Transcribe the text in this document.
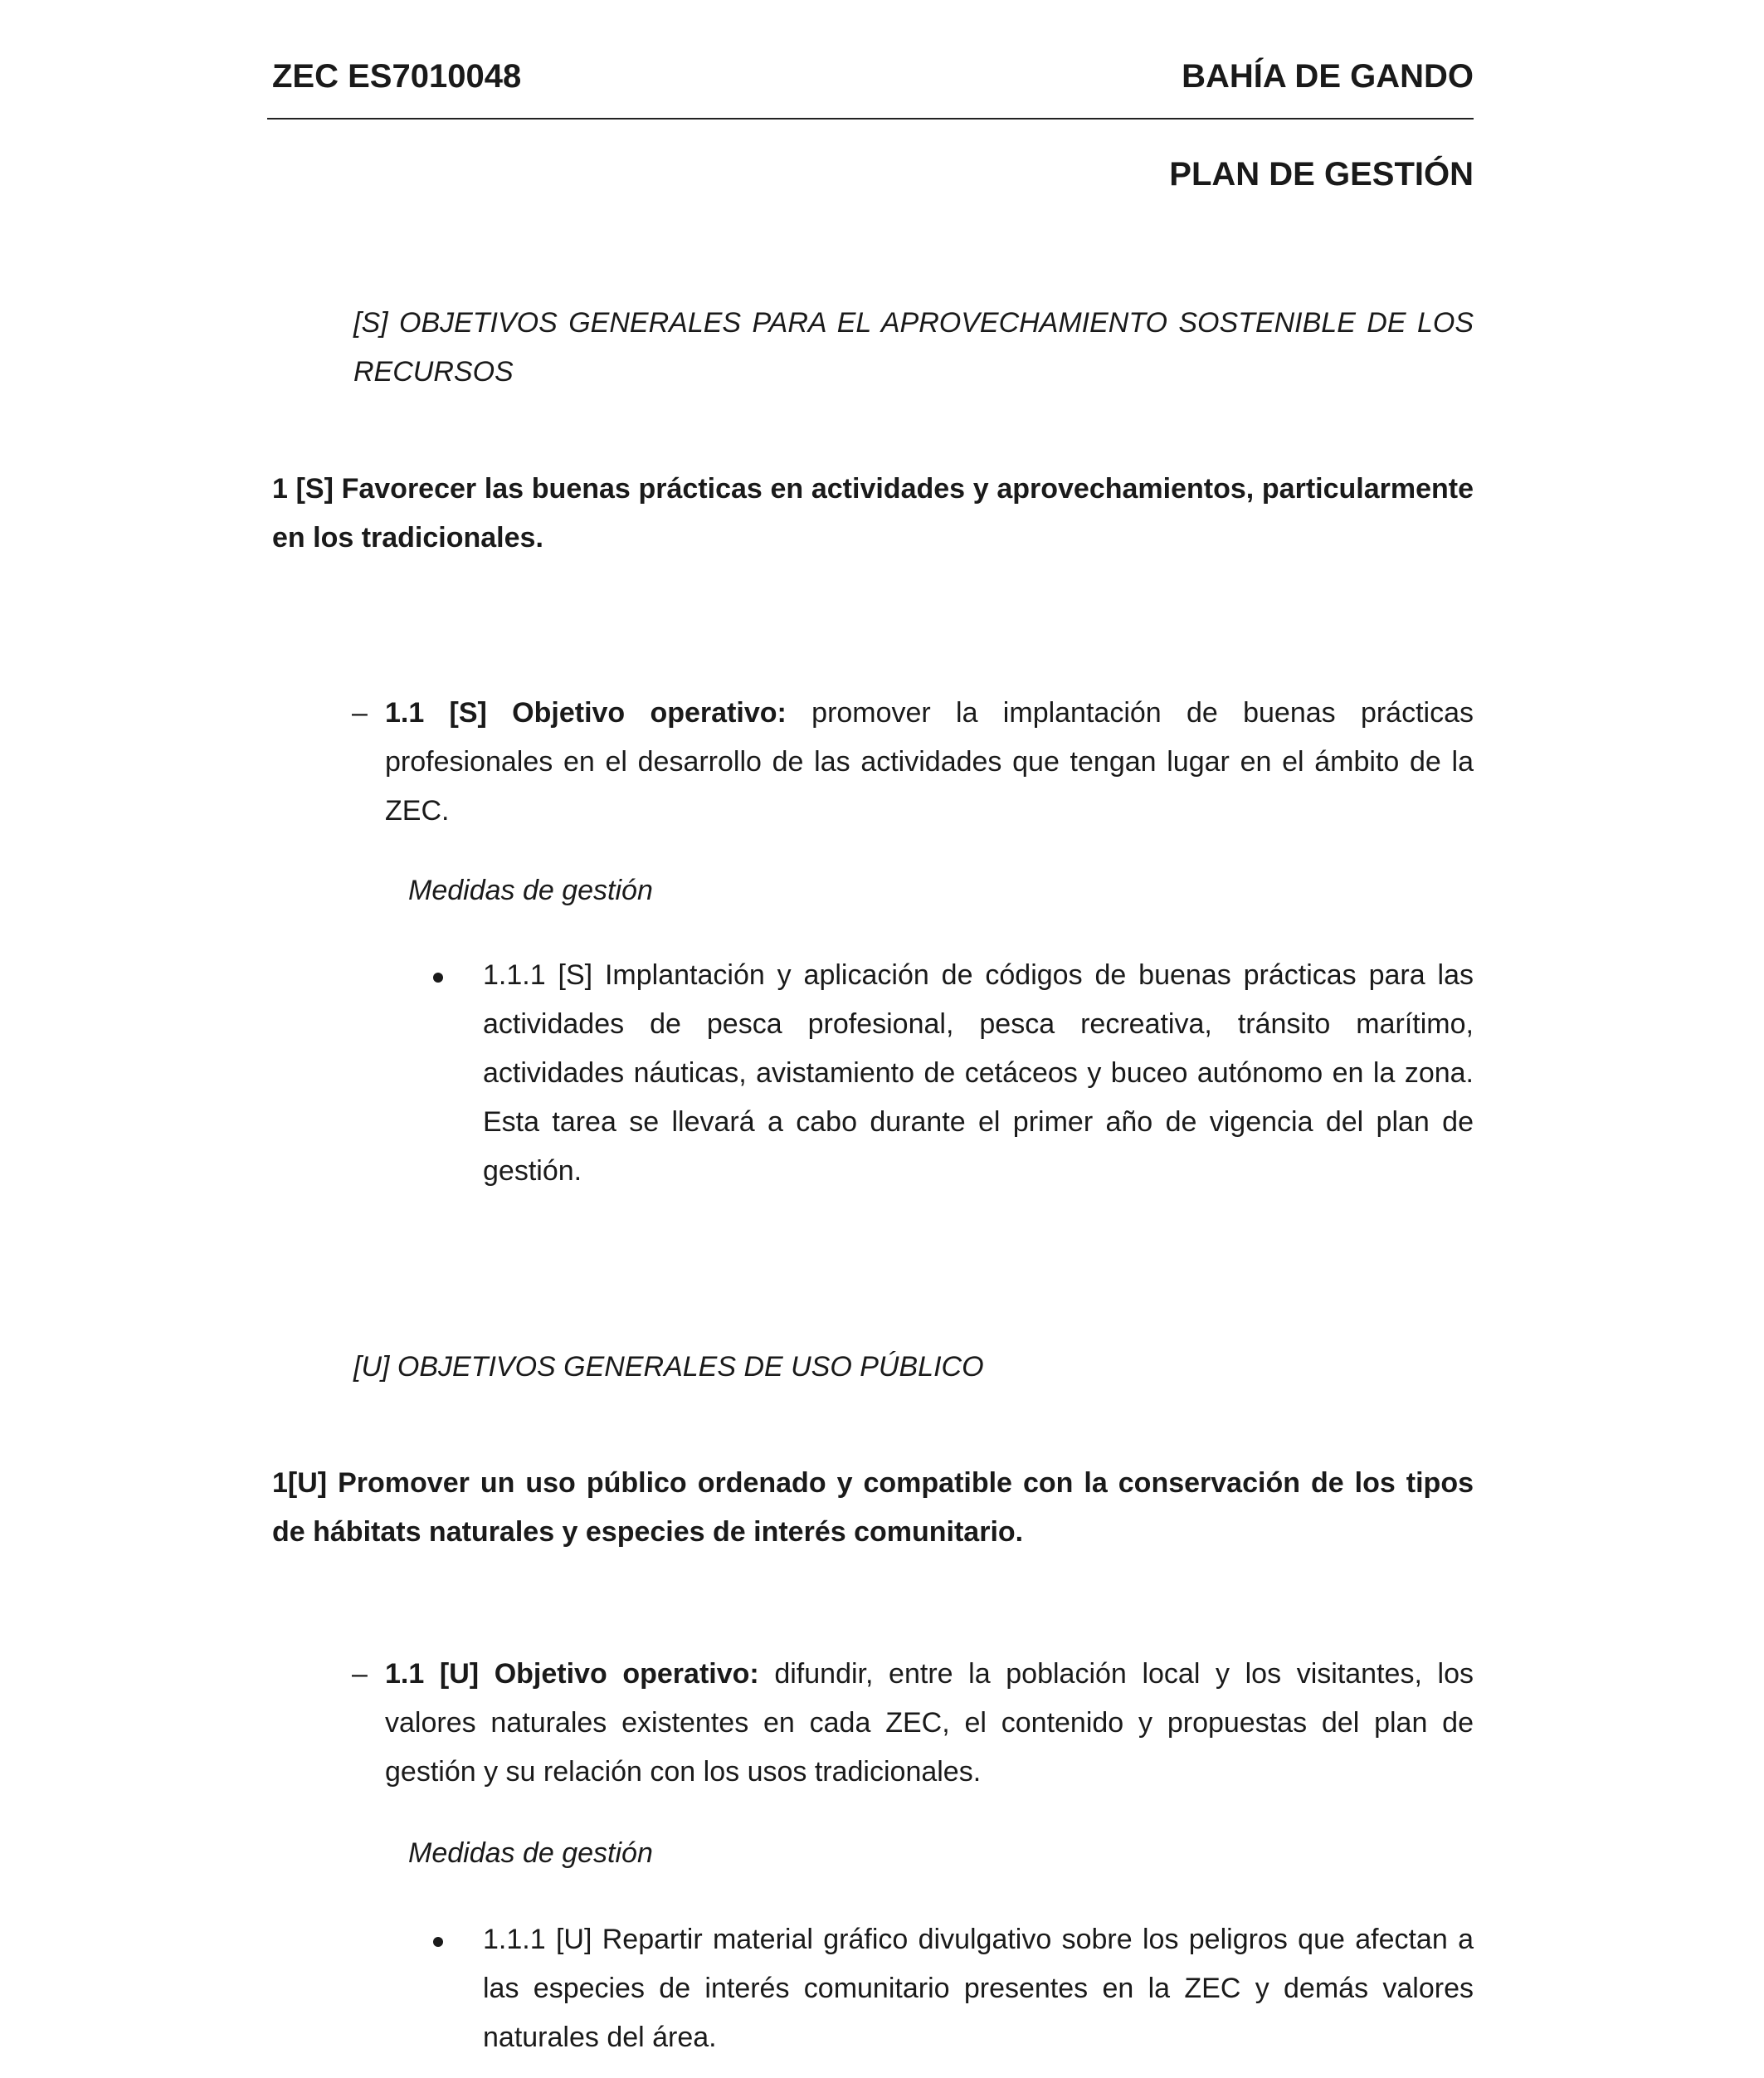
ZEC ES7010048	BAHÍA DE GANDO
PLAN DE GESTIÓN
[S] OBJETIVOS GENERALES PARA EL APROVECHAMIENTO SOSTENIBLE DE LOS RECURSOS
1 [S] Favorecer las buenas prácticas en actividades y aprovechamientos, particularmente en los tradicionales.
– 1.1 [S] Objetivo operativo: promover la implantación de buenas prácticas profesionales en el desarrollo de las actividades que tengan lugar en el ámbito de la ZEC.
Medidas de gestión
1.1.1 [S] Implantación y aplicación de códigos de buenas prácticas para las actividades de pesca profesional, pesca recreativa, tránsito marítimo, actividades náuticas, avistamiento de cetáceos y buceo autónomo en la zona. Esta tarea se llevará a cabo durante el primer año de vigencia del plan de gestión.
[U] OBJETIVOS GENERALES DE USO PÚBLICO
1[U] Promover un uso público ordenado y compatible con la conservación de los tipos de hábitats naturales y especies de interés comunitario.
– 1.1 [U] Objetivo operativo: difundir, entre la población local y los visitantes, los valores naturales existentes en cada ZEC, el contenido y propuestas del plan de gestión y su relación con los usos tradicionales.
Medidas de gestión
1.1.1 [U] Repartir material gráfico divulgativo sobre los peligros que afectan a las especies de interés comunitario presentes en la ZEC y demás valores naturales del área.
